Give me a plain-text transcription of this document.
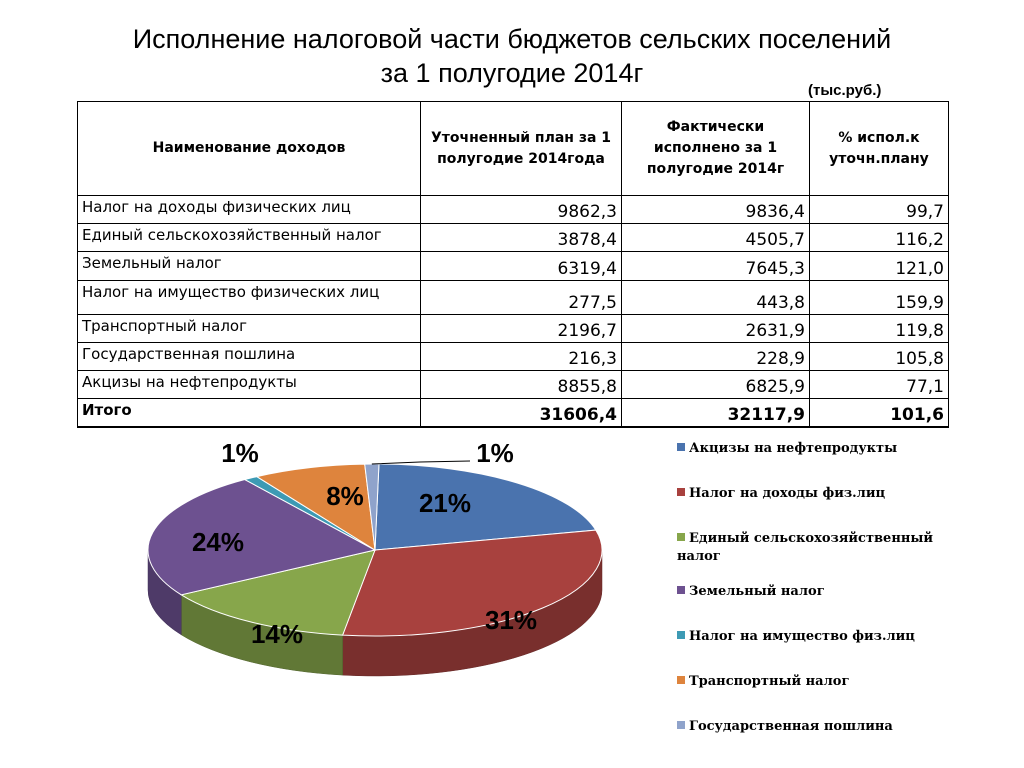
Исполнение налоговой части бюджетов сельских поселений
за 1 полугодие 2014г
(тыс.руб.)
Наименование доходов	Уточненный план за 1 полугодие 2014года	Фактически исполнено за 1 полугодие 2014г	% испол.к уточн.плану
Налог на доходы физических лиц	9862,3	9836,4	99,7
Единый сельскохозяйственный налог	3878,4	4505,7	116,2
Земельный налог	6319,4	7645,3	121,0
Налог на имущество физических лиц	277,5	443,8	159,9
Транспортный налог	2196,7	2631,9	119,8
Государственная пошлина	216,3	228,9	105,8
Акцизы на нефтепродукты	8855,8	6825,9	77,1
Итого	31606,4	32117,9	101,6
21%
31%
14%
24%
1%
8%
1%	Акцизы на нефтепродукты
Налог на доходы физ.лиц
Единый сельскохозяйственный налог
Земельный налог
Налог на имущество физ.лиц
Транспортный налог
Государственная пошлина
